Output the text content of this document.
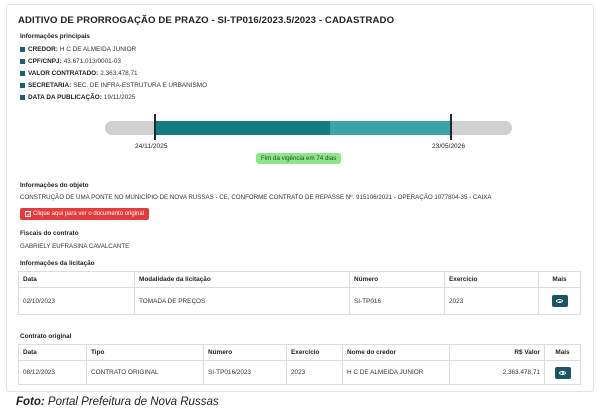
ADITIVO DE PRORROGAÇÃO DE PRAZO - SI-TP016/2023.5/2023 - CADASTRADO
Informações principais
CREDOR: H C DE ALMEIDA JUNIOR
CPF/CNPJ: 43.671.013/0001-03
VALOR CONTRATADO: 2.363.478,71
SECRETARIA: SEC. DE INFRA-ESTRUTURA E URBANISMO
DATA DA PUBLICAÇÃO: 19/11/2025
24/11/2025	23/05/2026
Fim da vigência em 74 dias
Informações do objeto
CONSTRUÇÃO DE UMA PONTE NO MUNICÍPIO DE NOVA RUSSAS - CE, CONFORME CONTRATO DE REPASSE Nº. 915106/2021 - OPERAÇÃO 1077804-35 - CAIXA
Clique aqui para ver o documento original
Fiscais do contrato
GABRIELY EUFRASINA CAVALCANTE
Informações da licitação
Data	Modalidade da licitação	Número	Exercício	Mais
02/10/2023	TOMADA DE PREÇOS	SI-TP016	2023	
Contrato original
Data	Tipo	Número	Exercício	Nome do credor	R$ Valor	Mais
08/12/2023	CONTRATO ORIGINAL	SI-TP016/2023	2023	H C DE ALMEIDA JUNIOR	2.363.478,71	
Foto: Portal Prefeitura de Nova Russas
